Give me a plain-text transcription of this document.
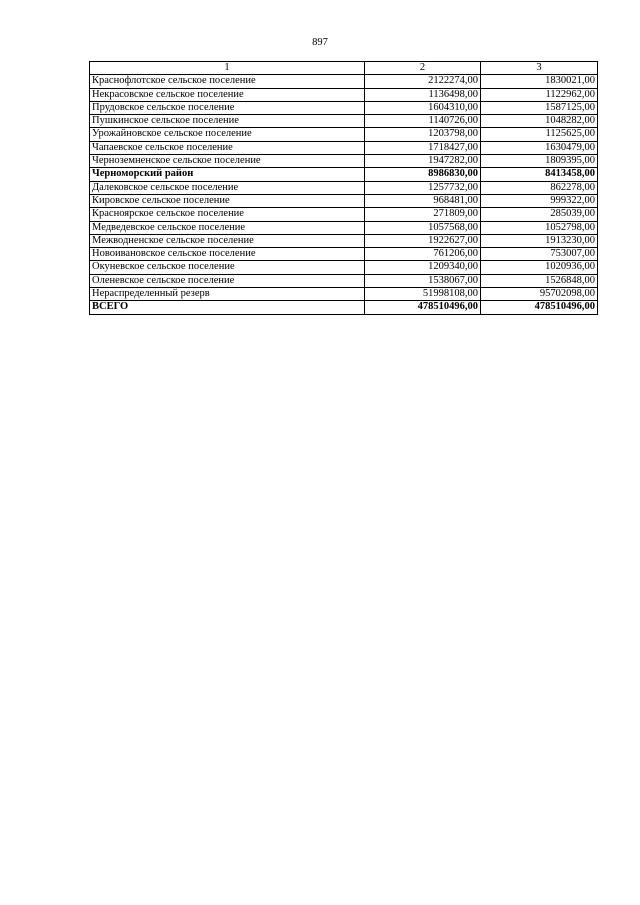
897
1	2	3
Краснофлотское сельское поселение	2122274,00	1830021,00
Некрасовское сельское поселение	1136498,00	1122962,00
Прудовское сельское поселение	1604310,00	1587125,00
Пушкинское сельское поселение	1140726,00	1048282,00
Урожайновское сельское поселение	1203798,00	1125625,00
Чапаевское сельское поселение	1718427,00	1630479,00
Черноземненское сельское поселение	1947282,00	1809395,00
Черноморский район	8986830,00	8413458,00
Далековское сельское поселение	1257732,00	862278,00
Кировское сельское поселение	968481,00	999322,00
Красноярское сельское поселение	271809,00	285039,00
Медведевское сельское поселение	1057568,00	1052798,00
Межводненское сельское поселение	1922627,00	1913230,00
Новоивановское сельское поселение	761206,00	753007,00
Окуневское сельское поселение	1209340,00	1020936,00
Оленевское сельское поселение	1538067,00	1526848,00
Нераспределенный резерв	51998108,00	95702098,00
ВСЕГО	478510496,00	478510496,00
